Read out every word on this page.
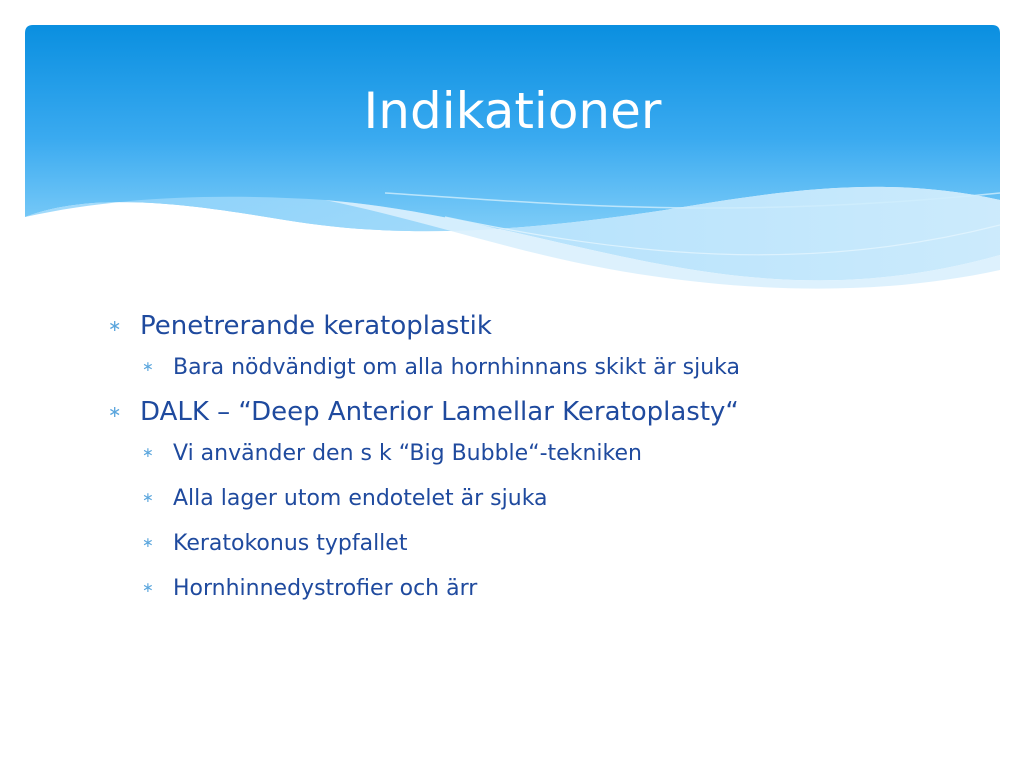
Indikationer
∗ Penetrerande keratoplastik
∗ Bara nödvändigt om alla hornhinnans skikt är sjuka
∗ DALK – “Deep Anterior Lamellar Keratoplasty“
∗ Vi använder den s k “Big Bubble“-tekniken
∗ Alla lager utom endotelet är sjuka
∗ Keratokonus typfallet
∗ Hornhinnedystrofier och ärr
